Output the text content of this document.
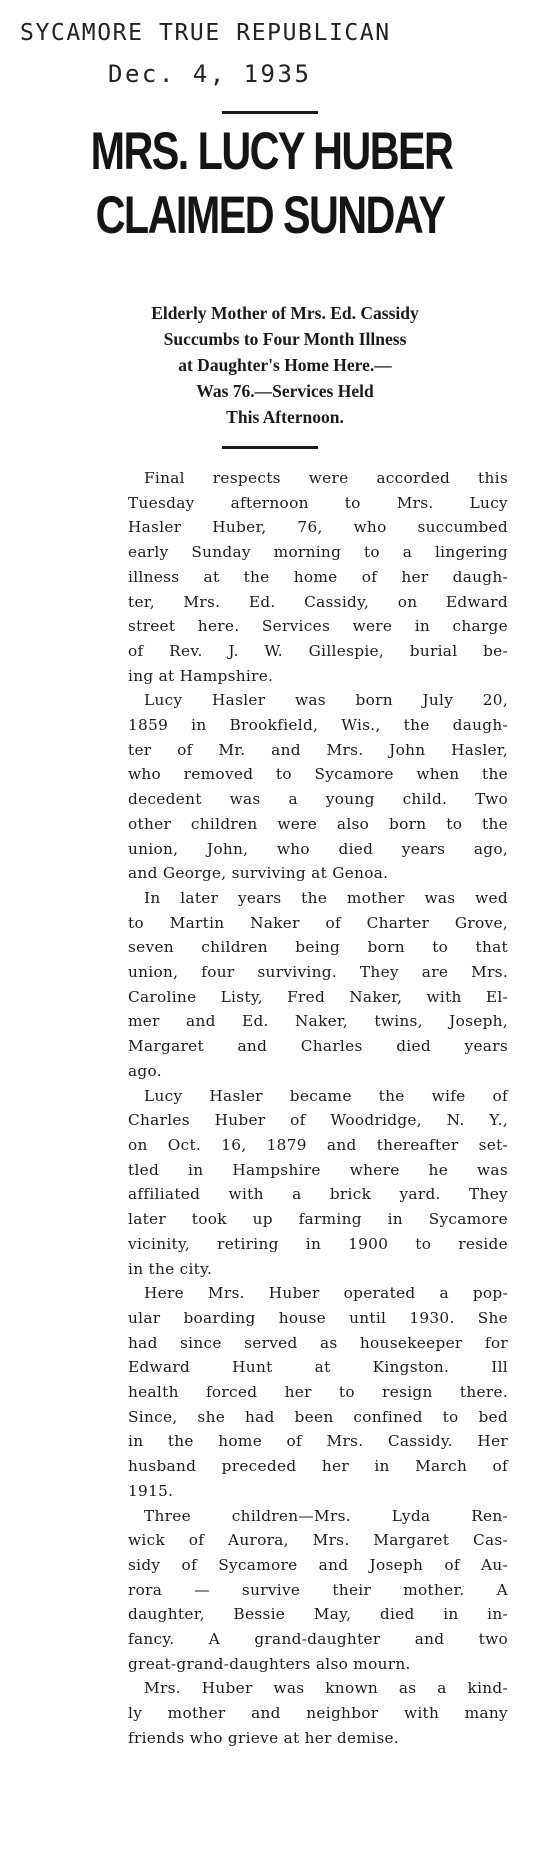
SYCAMORE TRUE REPUBLICAN
Dec. 4, 1935
MRS. LUCY HUBER
CLAIMED SUNDAY
Elderly Mother of Mrs. Ed. Cassidy
Succumbs to Four Month Illness
at Daughter's Home Here.—
Was 76.—Services Held
This Afternoon.
Final respects were accorded this
Tuesday afternoon to Mrs. Lucy
Hasler Huber, 76, who succumbed
early Sunday morning to a lingering
illness at the home of her daugh-
ter, Mrs. Ed. Cassidy, on Edward
street here. Services were in charge
of Rev. J. W. Gillespie, burial be-
ing at Hampshire.
Lucy Hasler was born July 20,
1859 in Brookfield, Wis., the daugh-
ter of Mr. and Mrs. John Hasler,
who removed to Sycamore when the
decedent was a young child. Two
other children were also born to the
union, John, who died years ago,
and George, surviving at Genoa.
In later years the mother was wed
to Martin Naker of Charter Grove,
seven children being born to that
union, four surviving. They are Mrs.
Caroline Listy, Fred Naker, with El-
mer and Ed. Naker, twins, Joseph,
Margaret and Charles died years
ago.
Lucy Hasler became the wife of
Charles Huber of Woodridge, N. Y.,
on Oct. 16, 1879 and thereafter set-
tled in Hampshire where he was
affiliated with a brick yard. They
later took up farming in Sycamore
vicinity, retiring in 1900 to reside
in the city.
Here Mrs. Huber operated a pop-
ular boarding house until 1930. She
had since served as housekeeper for
Edward Hunt at Kingston. Ill
health forced her to resign there.
Since, she had been confined to bed
in the home of Mrs. Cassidy. Her
husband preceded her in March of
1915.
Three children—Mrs. Lyda Ren-
wick of Aurora, Mrs. Margaret Cas-
sidy of Sycamore and Joseph of Au-
rora — survive their mother. A
daughter, Bessie May, died in in-
fancy. A grand-daughter and two
great-grand-daughters also mourn.
Mrs. Huber was known as a kind-
ly mother and neighbor with many
friends who grieve at her demise.
